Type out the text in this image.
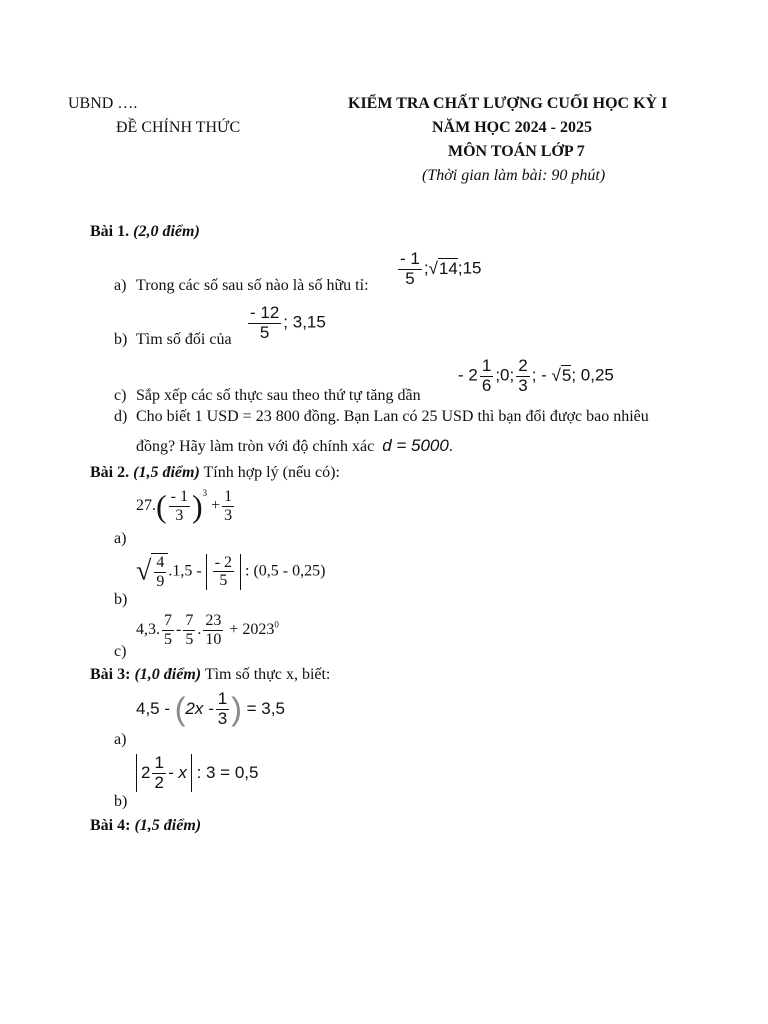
UBND ….
ĐỀ CHÍNH THỨC
KIỂM TRA CHẤT LƯỢNG CUỐI HỌC KỲ I
NĂM HỌC 2024 - 2025
MÔN TOÁN LỚP 7
(Thời gian làm bài: 90 phút)
Bài 1. (2,0 điểm)
a) Trong các số sau số nào là số hữu tỉ: $\frac{- 1}{5}$ ;√14;15
b) Tìm số đối của $\frac{- 12}{5}$ ; 3,15
c) Sắp xếp các số thực sau theo thứ tự tăng dần
- $2 \frac{1}{6}$ ;0; $\frac{2}{3}$ ; - √5; 0,25
d) Cho biết 1 USD = 23 800 đồng. Bạn Lan có 25 USD thì bạn đổi được bao nhiêu
đồng? Hãy làm tròn với độ chính xác d = 5000.
Bài 2. (1,5 điểm) Tính hợp lý (nếu có):
a)
$27.( \frac{- 1}{3} )^3 + \frac{1}{3}$
b)
√ $\frac{4}{9} .1,5 - \frac{- 2}{5}$ : (0,5 - 0,25)
c)
4,3. $\frac{7}{5} - \frac{7}{5}$ . $\frac{23}{10} + 2023^0$
Bài 3: (1,0 điểm) Tìm số thực x, biết:
a)
$4,5 - (2x - \frac{1}{3}$ ) = 3,5
b)
$2 \frac{1}{2}$ - x : 3 = 0,5
Bài 4: (1,5 điểm)
